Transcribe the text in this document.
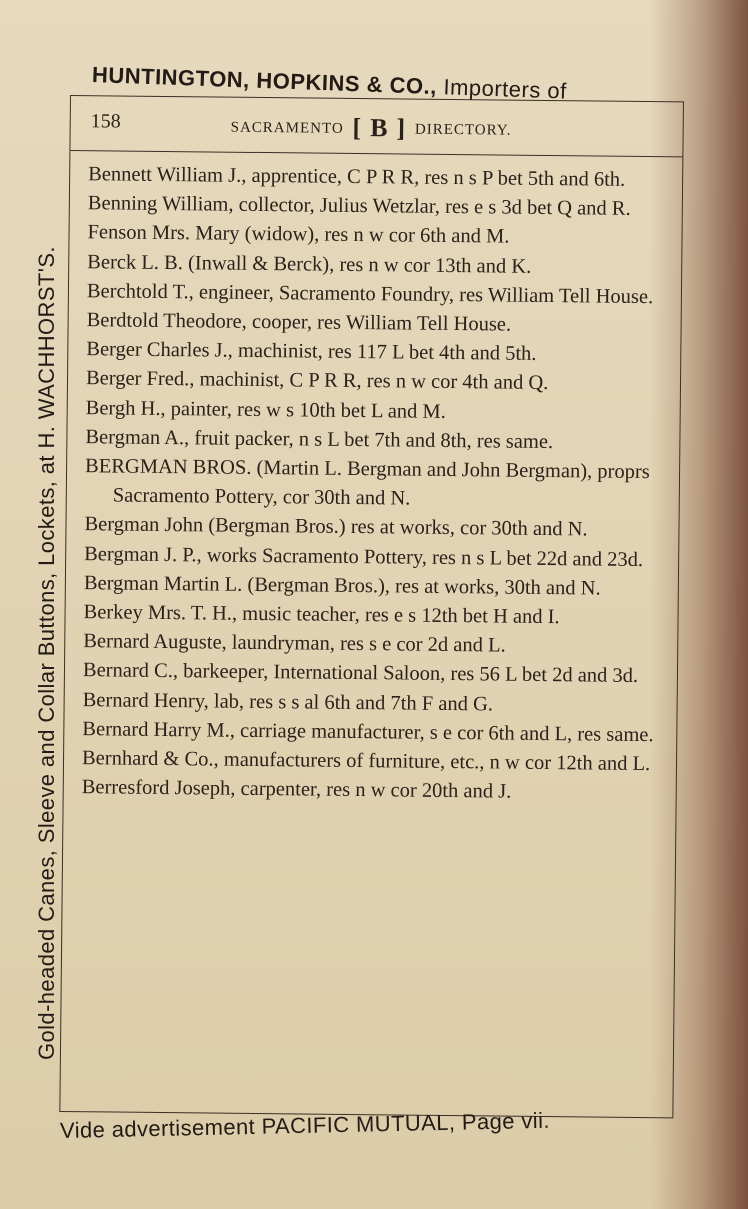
HUNTINGTON, HOPKINS & CO., Importers of
Gold-headed Canes, Sleeve and Collar Buttons, Lockets, at H. WACHHORST'S.
158	SACRAMENTO [ B ] DIRECTORY.

Bennett William J., apprentice, C P R R, res n s P bet 5th and 6th.

Benning William, collector, Julius Wetzlar, res e s 3d bet Q and R.

Fenson Mrs. Mary (widow), res n w cor 6th and M.

Berck L. B. (Inwall & Berck), res n w cor 13th and K.

Berchtold T., engineer, Sacramento Foundry, res William Tell House.

Berdtold Theodore, cooper, res William Tell House.

Berger Charles J., machinist, res 117 L bet 4th and 5th.

Berger Fred., machinist, C P R R, res n w cor 4th and Q.

Bergh H., painter, res w s 10th bet L and M.

Bergman A., fruit packer, n s L bet 7th and 8th, res same.

BERGMAN BROS. (Martin L. Bergman and John Bergman), proprs Sacramento Pottery, cor 30th and N.

Bergman John (Bergman Bros.) res at works, cor 30th and N.

Bergman J. P., works Sacramento Pottery, res n s L bet 22d and 23d.

Bergman Martin L. (Bergman Bros.), res at works, 30th and N.

Berkey Mrs. T. H., music teacher, res e s 12th bet H and I.

Bernard Auguste, laundryman, res s e cor 2d and L.

Bernard C., barkeeper, International Saloon, res 56 L bet 2d and 3d.

Bernard Henry, lab, res s s al 6th and 7th F and G.

Bernard Harry M., carriage manufacturer, s e cor 6th and L, res same.

Bernhard & Co., manufacturers of furniture, etc., n w cor 12th and L.

Berresford Joseph, carpenter, res n w cor 20th and J.

Vide advertisement PACIFIC MUTUAL, Page vii.
